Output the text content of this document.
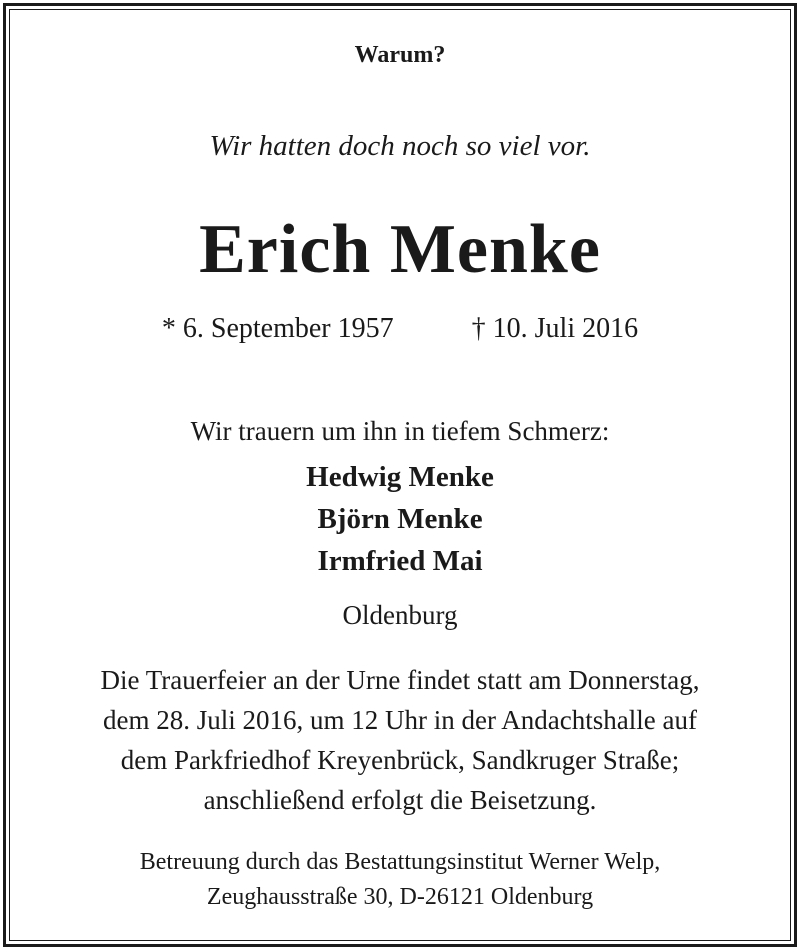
Warum?
Wir hatten doch noch so viel vor.
Erich Menke
* 6. September 1957	† 10. Juli 2016
Wir trauern um ihn in tiefem Schmerz:
Hedwig Menke
Björn Menke
Irmfried Mai
Oldenburg
Die Trauerfeier an der Urne findet statt am Donnerstag,
dem 28. Juli 2016, um 12 Uhr in der Andachtshalle auf
dem Parkfriedhof Kreyenbrück, Sandkruger Straße;
anschließend erfolgt die Beisetzung.
Betreuung durch das Bestattungsinstitut Werner Welp,
Zeughausstraße 30, D-26121 Oldenburg
